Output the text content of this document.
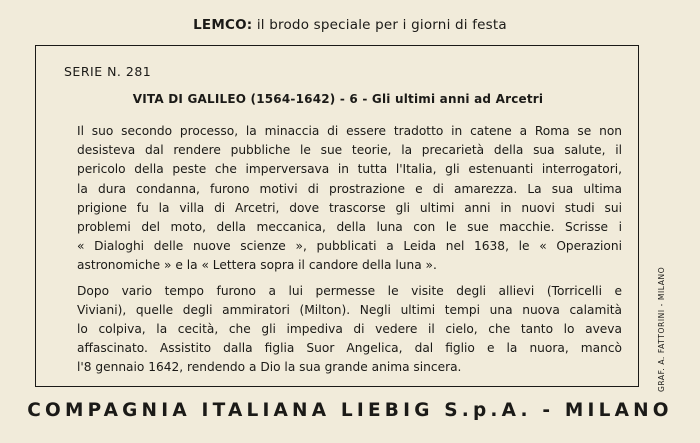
LEMCO: il brodo speciale per i giorni di festa
SERIE N. 281
VITA DI GALILEO (1564-1642) - 6 - Gli ultimi anni ad Arcetri
Il suo secondo processo, la minaccia di essere tradotto in catene a Roma se non
desisteva dal rendere pubbliche le sue teorie, la precarietà della sua salute, il
pericolo della peste che imperversava in tutta l'Italia, gli estenuanti interrogatori,
la dura condanna, furono motivi di prostrazione e di amarezza. La sua ultima
prigione fu la villa di Arcetri, dove trascorse gli ultimi anni in nuovi studi sui
problemi del moto, della meccanica, della luna con le sue macchie. Scrisse i
« Dialoghi delle nuove scienze », pubblicati a Leida nel 1638, le « Operazioni
astronomiche » e la « Lettera sopra il candore della luna ».
Dopo vario tempo furono a lui permesse le visite degli allievi (Torricelli e
Viviani), quelle degli ammiratori (Milton). Negli ultimi tempi una nuova calamità
lo colpiva, la cecità, che gli impediva di vedere il cielo, che tanto lo aveva
affascinato. Assistito dalla figlia Suor Angelica, dal figlio e la nuora, mancò
l'8 gennaio 1642, rendendo a Dio la sua grande anima sincera.	GRAF. A. FATTORINI - MILANO
COMPAGNIA ITALIANA LIEBIG S.p.A. - MILANO
